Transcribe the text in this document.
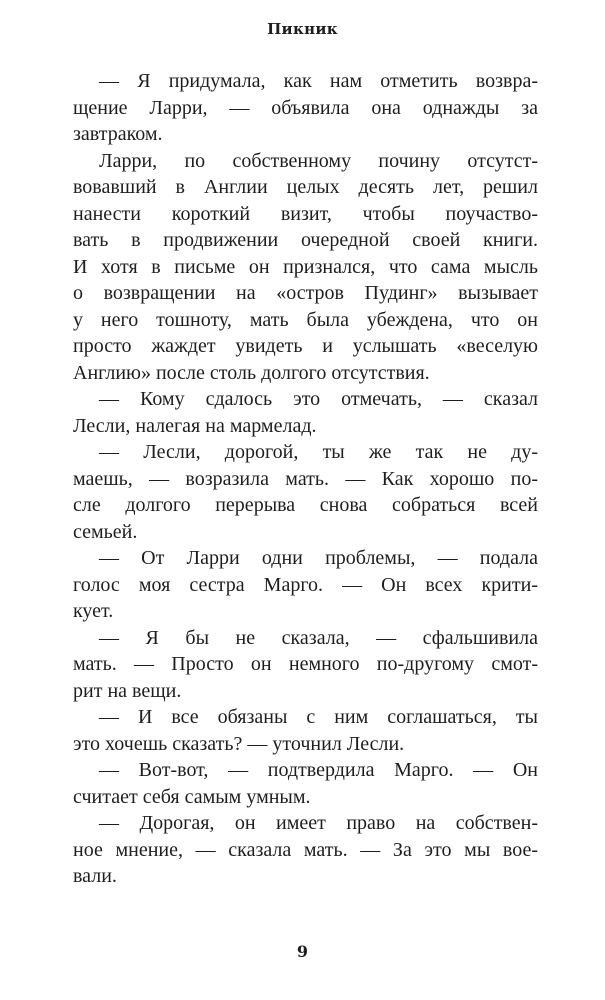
Пикник
— Я придумала, как нам отметить возвра-
щение Ларри, — объявила она однажды за
завтраком.
Ларри, по собственному почину отсутст-
вовавший в Англии целых десять лет, решил
нанести короткий визит, чтобы поучаство-
вать в продвижении очередной своей книги.
И хотя в письме он признался, что сама мысль
о возвращении на «остров Пудинг» вызывает
у него тошноту, мать была убеждена, что он
просто жаждет увидеть и услышать «веселую
Англию» после столь долгого отсутствия.
— Кому сдалось это отмечать, — сказал
Лесли, налегая на мармелад.
— Лесли, дорогой, ты же так не ду-
маешь, — возразила мать. — Как хорошо по-
сле долгого перерыва снова собраться всей
семьей.
— От Ларри одни проблемы, — подала
голос моя сестра Марго. — Он всех крити-
кует.
— Я бы не сказала, — сфальшивила
мать. — Просто он немного по-другому смот-
рит на вещи.
— И все обязаны с ним соглашаться, ты
это хочешь сказать? — уточнил Лесли.
— Вот-вот, — подтвердила Марго. — Он
считает себя самым умным.
— Дорогая, он имеет право на собствен-
ное мнение, — сказала мать. — За это мы вое-
вали.
9
